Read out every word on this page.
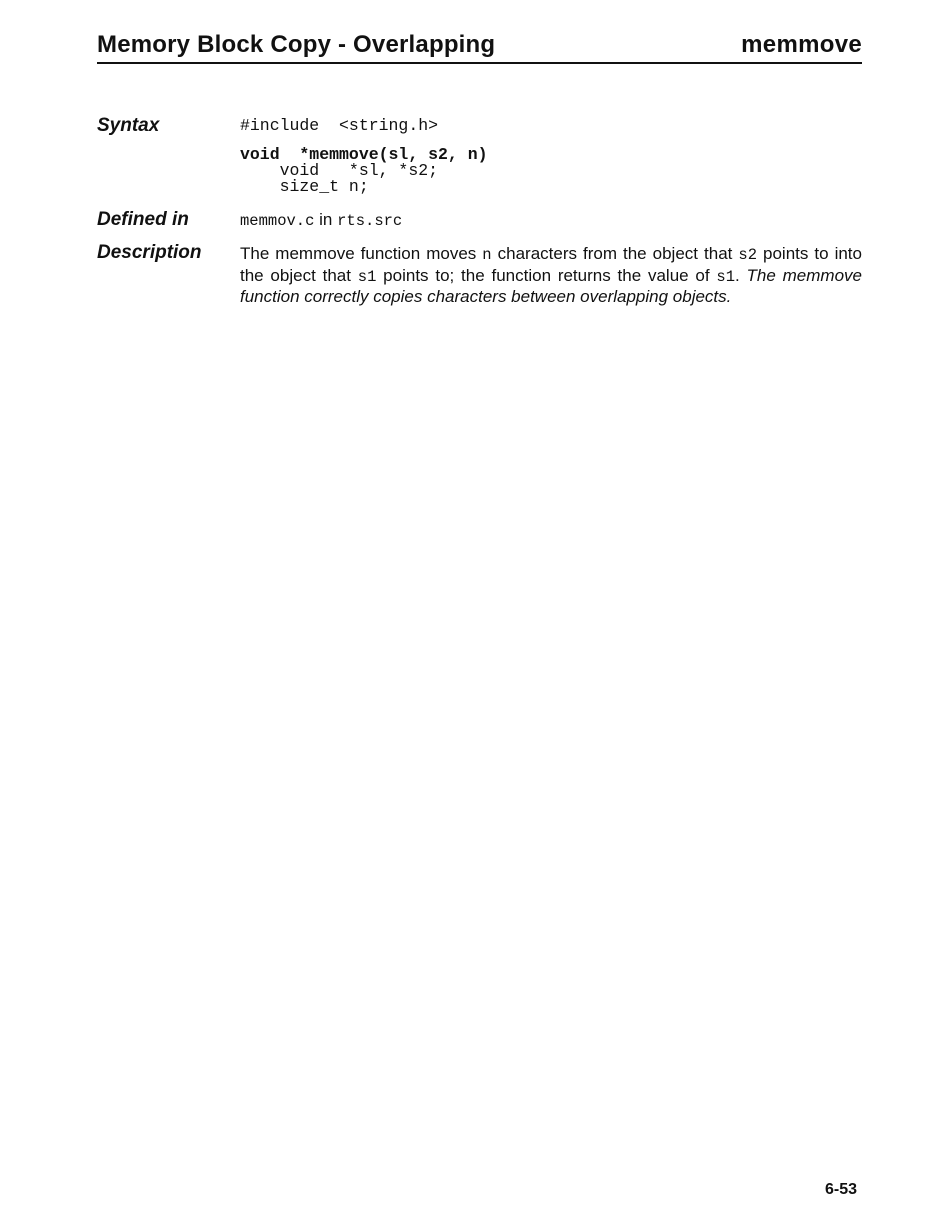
Memory Block Copy - Overlapping	memmove
Syntax	#include  <string.h>
void  *memmove(sl, s2, n)
void   *sl, *s2;
size_t n;
Defined in	memmov.c in rts.src
Description The memmove function moves n characters from the object that s2 points to into the object that s1 points to; the function returns the value of s1. The memmove function correctly copies characters between overlapping objects.
6-53
